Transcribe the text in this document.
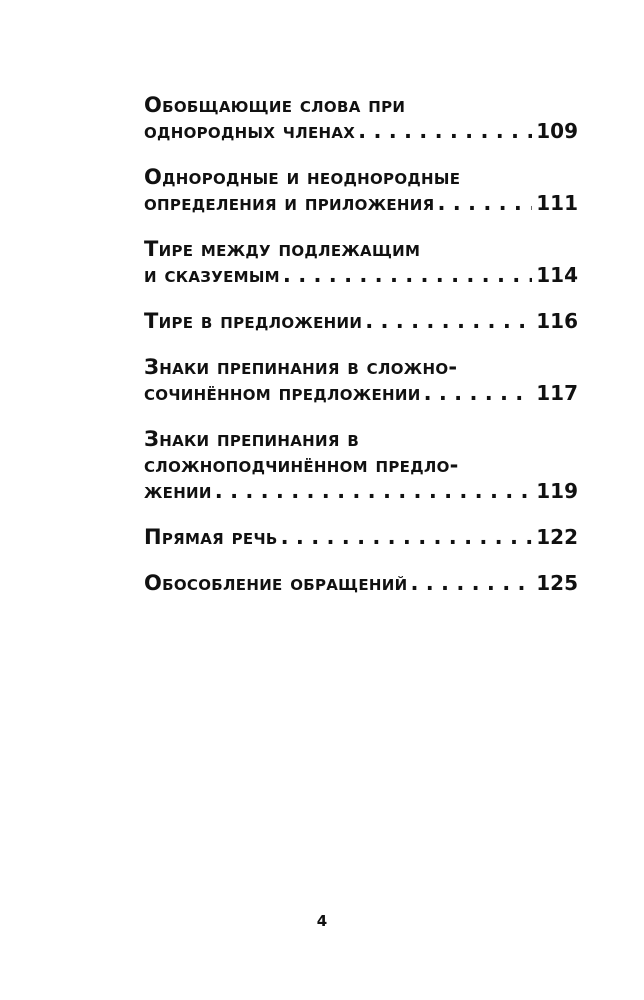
Обобщающие слова при
однородных членах . . .	109
Однородные и неоднородные
определения и приложения . . .	111
Тире между подлежащим
и сказуемым . . .	114
Тире в предложении . . .	116
Знаки препинания в сложно-
сочинённом предложении . . .	117
Знаки препинания в
сложноподчинённом предло-
жении . . .	119
Прямая речь . . .	122
Обособление обращений . . .	125
4
